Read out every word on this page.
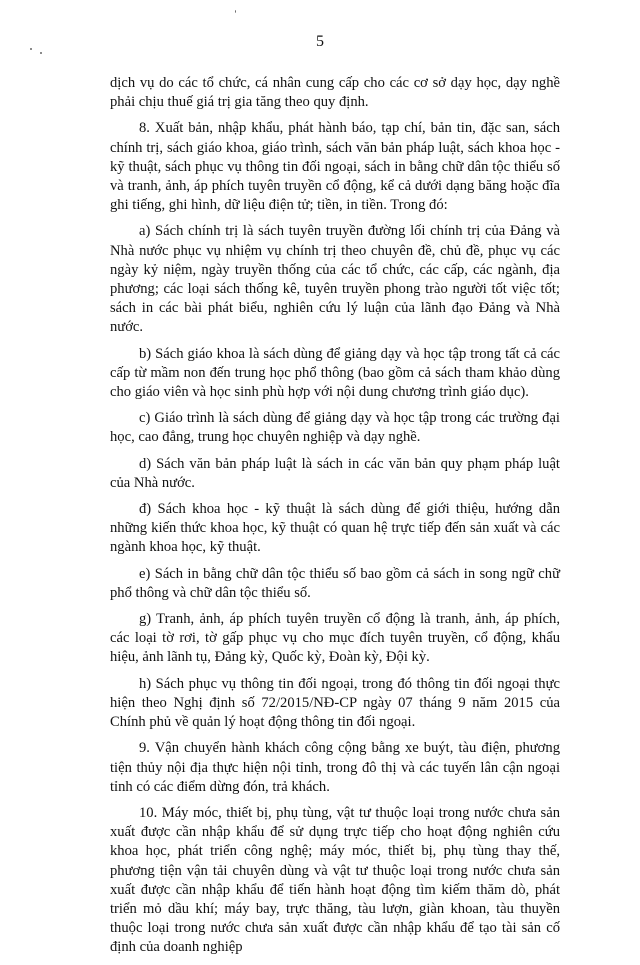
5

dịch vụ do các tổ chức, cá nhân cung cấp cho các cơ sở dạy học, dạy nghề phải chịu thuế giá trị gia tăng theo quy định.

8. Xuất bản, nhập khẩu, phát hành báo, tạp chí, bản tin, đặc san, sách chính trị, sách giáo khoa, giáo trình, sách văn bản pháp luật, sách khoa học - kỹ thuật, sách phục vụ thông tin đối ngoại, sách in bằng chữ dân tộc thiểu số và tranh, ảnh, áp phích tuyên truyền cổ động, kể cả dưới dạng băng hoặc đĩa ghi tiếng, ghi hình, dữ liệu điện tử; tiền, in tiền. Trong đó:

a) Sách chính trị là sách tuyên truyền đường lối chính trị của Đảng và Nhà nước phục vụ nhiệm vụ chính trị theo chuyên đề, chủ đề, phục vụ các ngày kỷ niệm, ngày truyền thống của các tổ chức, các cấp, các ngành, địa phương; các loại sách thống kê, tuyên truyền phong trào người tốt việc tốt; sách in các bài phát biểu, nghiên cứu lý luận của lãnh đạo Đảng và Nhà nước.

b) Sách giáo khoa là sách dùng để giảng dạy và học tập trong tất cả các cấp từ mầm non đến trung học phổ thông (bao gồm cả sách tham khảo dùng cho giáo viên và học sinh phù hợp với nội dung chương trình giáo dục).

c) Giáo trình là sách dùng để giảng dạy và học tập trong các trường đại học, cao đẳng, trung học chuyên nghiệp và dạy nghề.

d) Sách văn bản pháp luật là sách in các văn bản quy phạm pháp luật của Nhà nước.

đ) Sách khoa học - kỹ thuật là sách dùng để giới thiệu, hướng dẫn những kiến thức khoa học, kỹ thuật có quan hệ trực tiếp đến sản xuất và các ngành khoa học, kỹ thuật.

e) Sách in bằng chữ dân tộc thiểu số bao gồm cả sách in song ngữ chữ phổ thông và chữ dân tộc thiểu số.

g) Tranh, ảnh, áp phích tuyên truyền cổ động là tranh, ảnh, áp phích, các loại tờ rơi, tờ gấp phục vụ cho mục đích tuyên truyền, cổ động, khẩu hiệu, ảnh lãnh tụ, Đảng kỳ, Quốc kỳ, Đoàn kỳ, Đội kỳ.

h) Sách phục vụ thông tin đối ngoại, trong đó thông tin đối ngoại thực hiện theo Nghị định số 72/2015/NĐ-CP ngày 07 tháng 9 năm 2015 của Chính phủ về quản lý hoạt động thông tin đối ngoại.

9. Vận chuyển hành khách công cộng bằng xe buýt, tàu điện, phương tiện thủy nội địa thực hiện nội tỉnh, trong đô thị và các tuyến lân cận ngoại tỉnh có các điểm dừng đón, trả khách.

10. Máy móc, thiết bị, phụ tùng, vật tư thuộc loại trong nước chưa sản xuất được cần nhập khẩu để sử dụng trực tiếp cho hoạt động nghiên cứu khoa học, phát triển công nghệ; máy móc, thiết bị, phụ tùng thay thế, phương tiện vận tải chuyên dùng và vật tư thuộc loại trong nước chưa sản xuất được cần nhập khẩu để tiến hành hoạt động tìm kiếm thăm dò, phát triển mỏ dầu khí; máy bay, trực thăng, tàu lượn, giàn khoan, tàu thuyền thuộc loại trong nước chưa sản xuất được cần nhập khẩu để tạo tài sản cố định của doanh nghiệp
